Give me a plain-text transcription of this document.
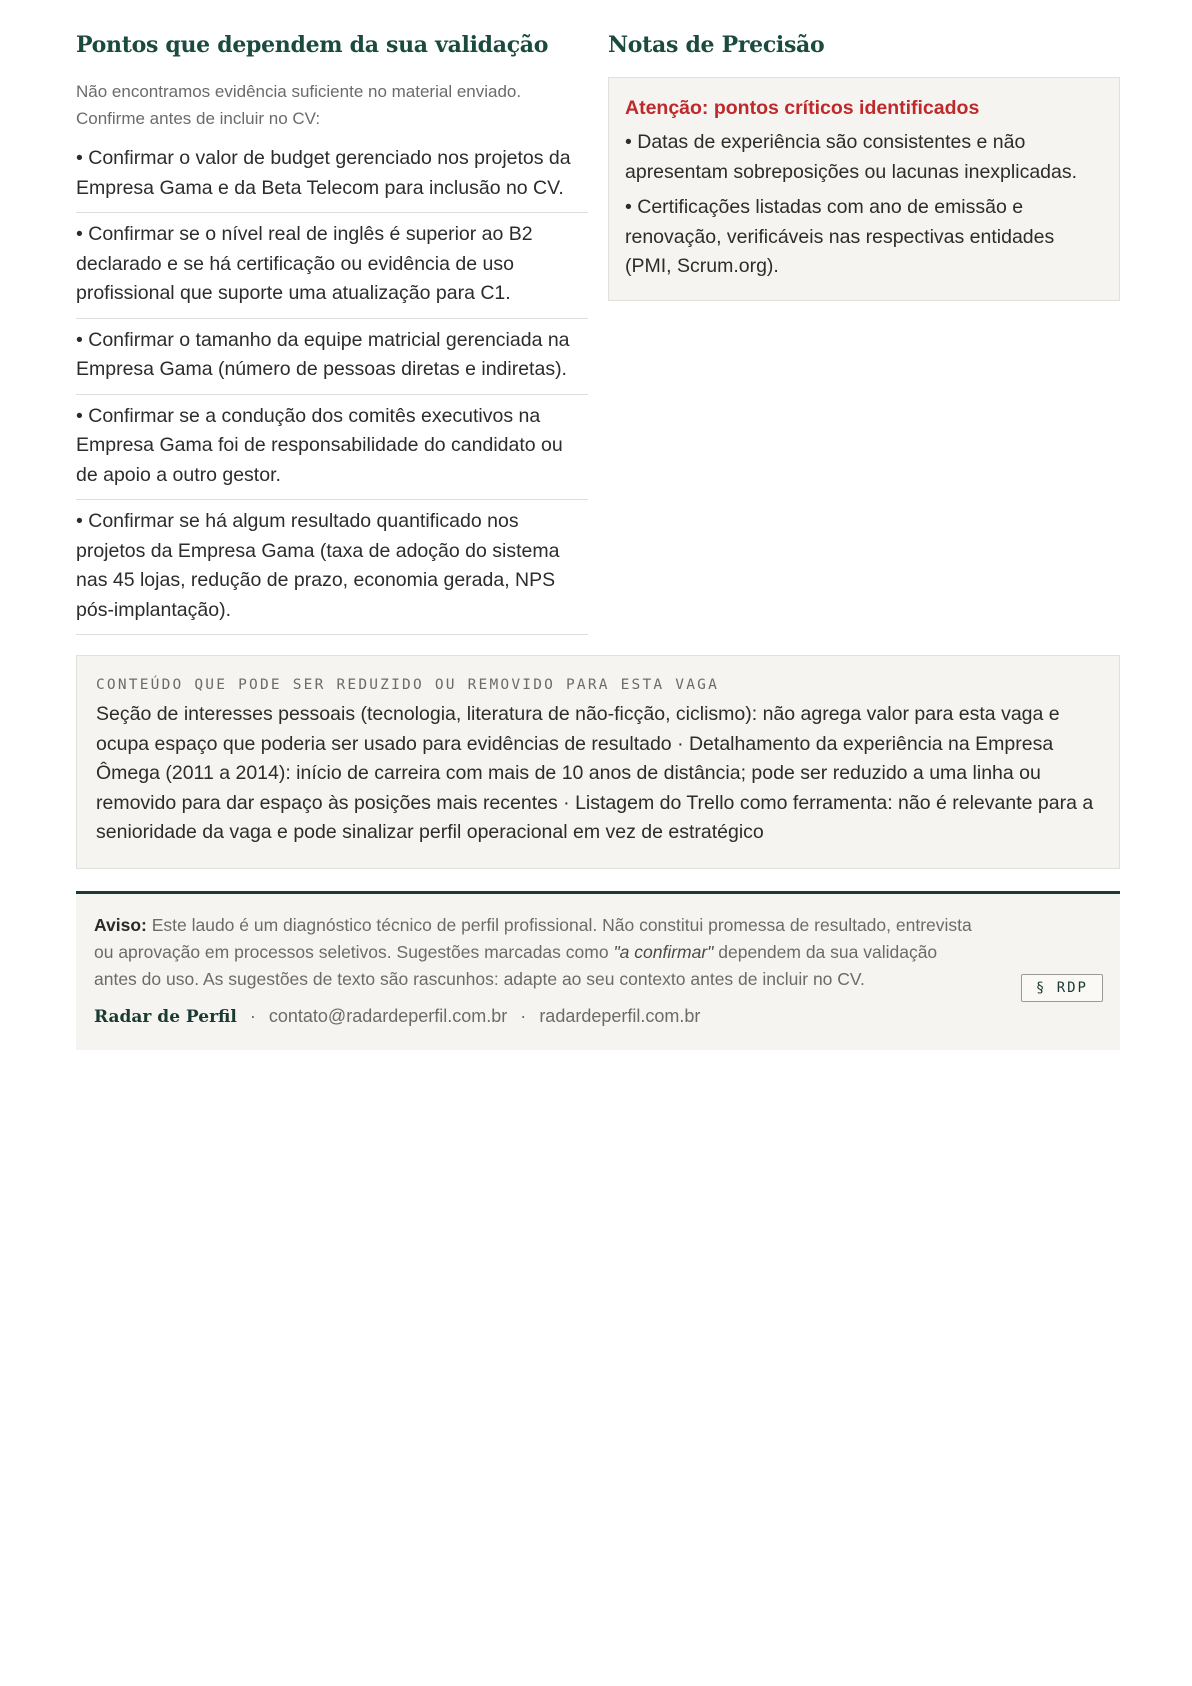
Pontos que dependem da sua validação

Não encontramos evidência suficiente no material enviado. Confirme antes de incluir no CV:

• Confirmar o valor de budget gerenciado nos projetos da Empresa Gama e da Beta Telecom para inclusão no CV.
• Confirmar se o nível real de inglês é superior ao B2 declarado e se há certificação ou evidência de uso profissional que suporte uma atualização para C1.
• Confirmar o tamanho da equipe matricial gerenciada na Empresa Gama (número de pessoas diretas e indiretas).
• Confirmar se a condução dos comitês executivos na Empresa Gama foi de responsabilidade do candidato ou de apoio a outro gestor.
• Confirmar se há algum resultado quantificado nos projetos da Empresa Gama (taxa de adoção do sistema nas 45 lojas, redução de prazo, economia gerada, NPS pós-implantação).
Notas de Precisão

Atenção: pontos críticos identificados

• Datas de experiência são consistentes e não apresentam sobreposições ou lacunas inexplicadas.

• Certificações listadas com ano de emissão e renovação, verificáveis nas respectivas entidades (PMI, Scrum.org).

CONTEÚDO QUE PODE SER REDUZIDO OU REMOVIDO PARA ESTA VAGA

Seção de interesses pessoais (tecnologia, literatura de não-ficção, ciclismo): não agrega valor para esta vaga e ocupa espaço que poderia ser usado para evidências de resultado · Detalhamento da experiência na Empresa Ômega (2011 a 2014): início de carreira com mais de 10 anos de distância; pode ser reduzido a uma linha ou removido para dar espaço às posições mais recentes · Listagem do Trello como ferramenta: não é relevante para a senioridade da vaga e pode sinalizar perfil operacional em vez de estratégico

Aviso: Este laudo é um diagnóstico técnico de perfil profissional. Não constitui promessa de resultado, entrevista ou aprovação em processos seletivos. Sugestões marcadas como "a confirmar" dependem da sua validação antes do uso. As sugestões de texto são rascunhos: adapte ao seu contexto antes de incluir no CV.

Radar de Perfil · contato@radardeperfil.com.br · radardeperfil.com.br
§ RDP
